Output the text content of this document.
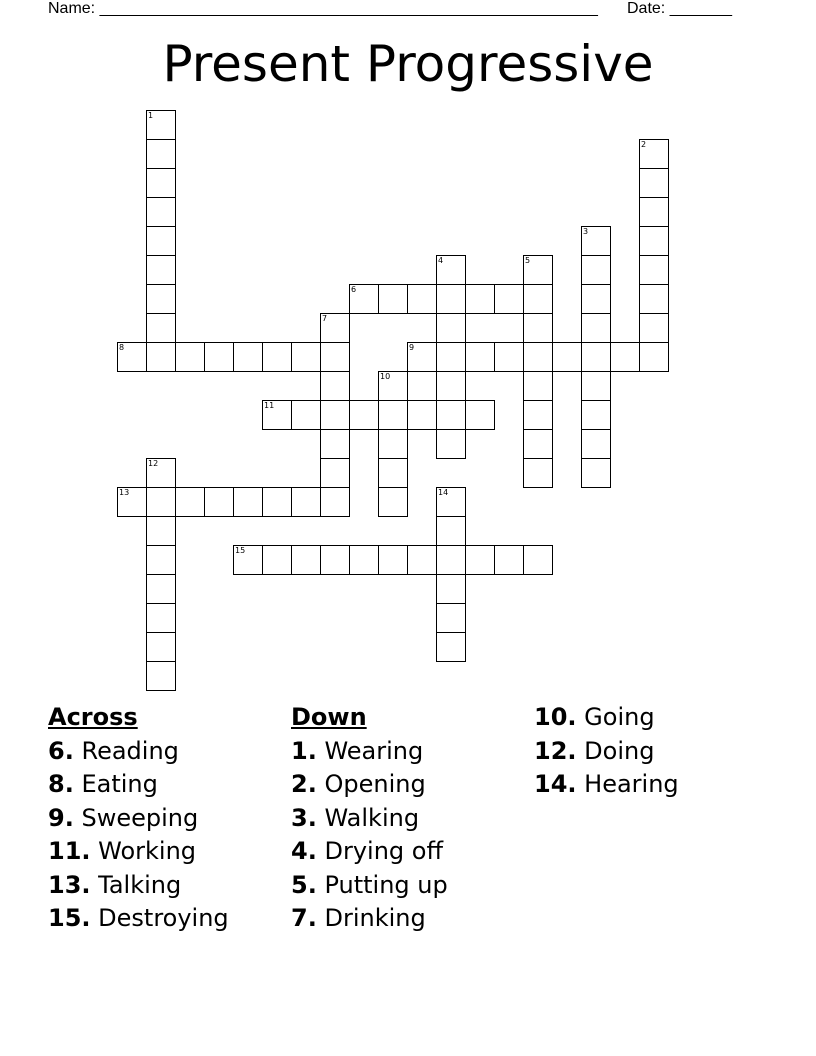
Name: ________________________________________________________ Date: _______
Present Progressive
1
2
3
4	5
7
10
12
14
6
8	9
11
13
15
Across
6. Reading
8. Eating
9. Sweeping
11. Working
13. Talking
15. Destroying
Down
1. Wearing
2. Opening
3. Walking
4. Drying off
5. Putting up
7. Drinking
10. Going
12. Doing
14. Hearing
